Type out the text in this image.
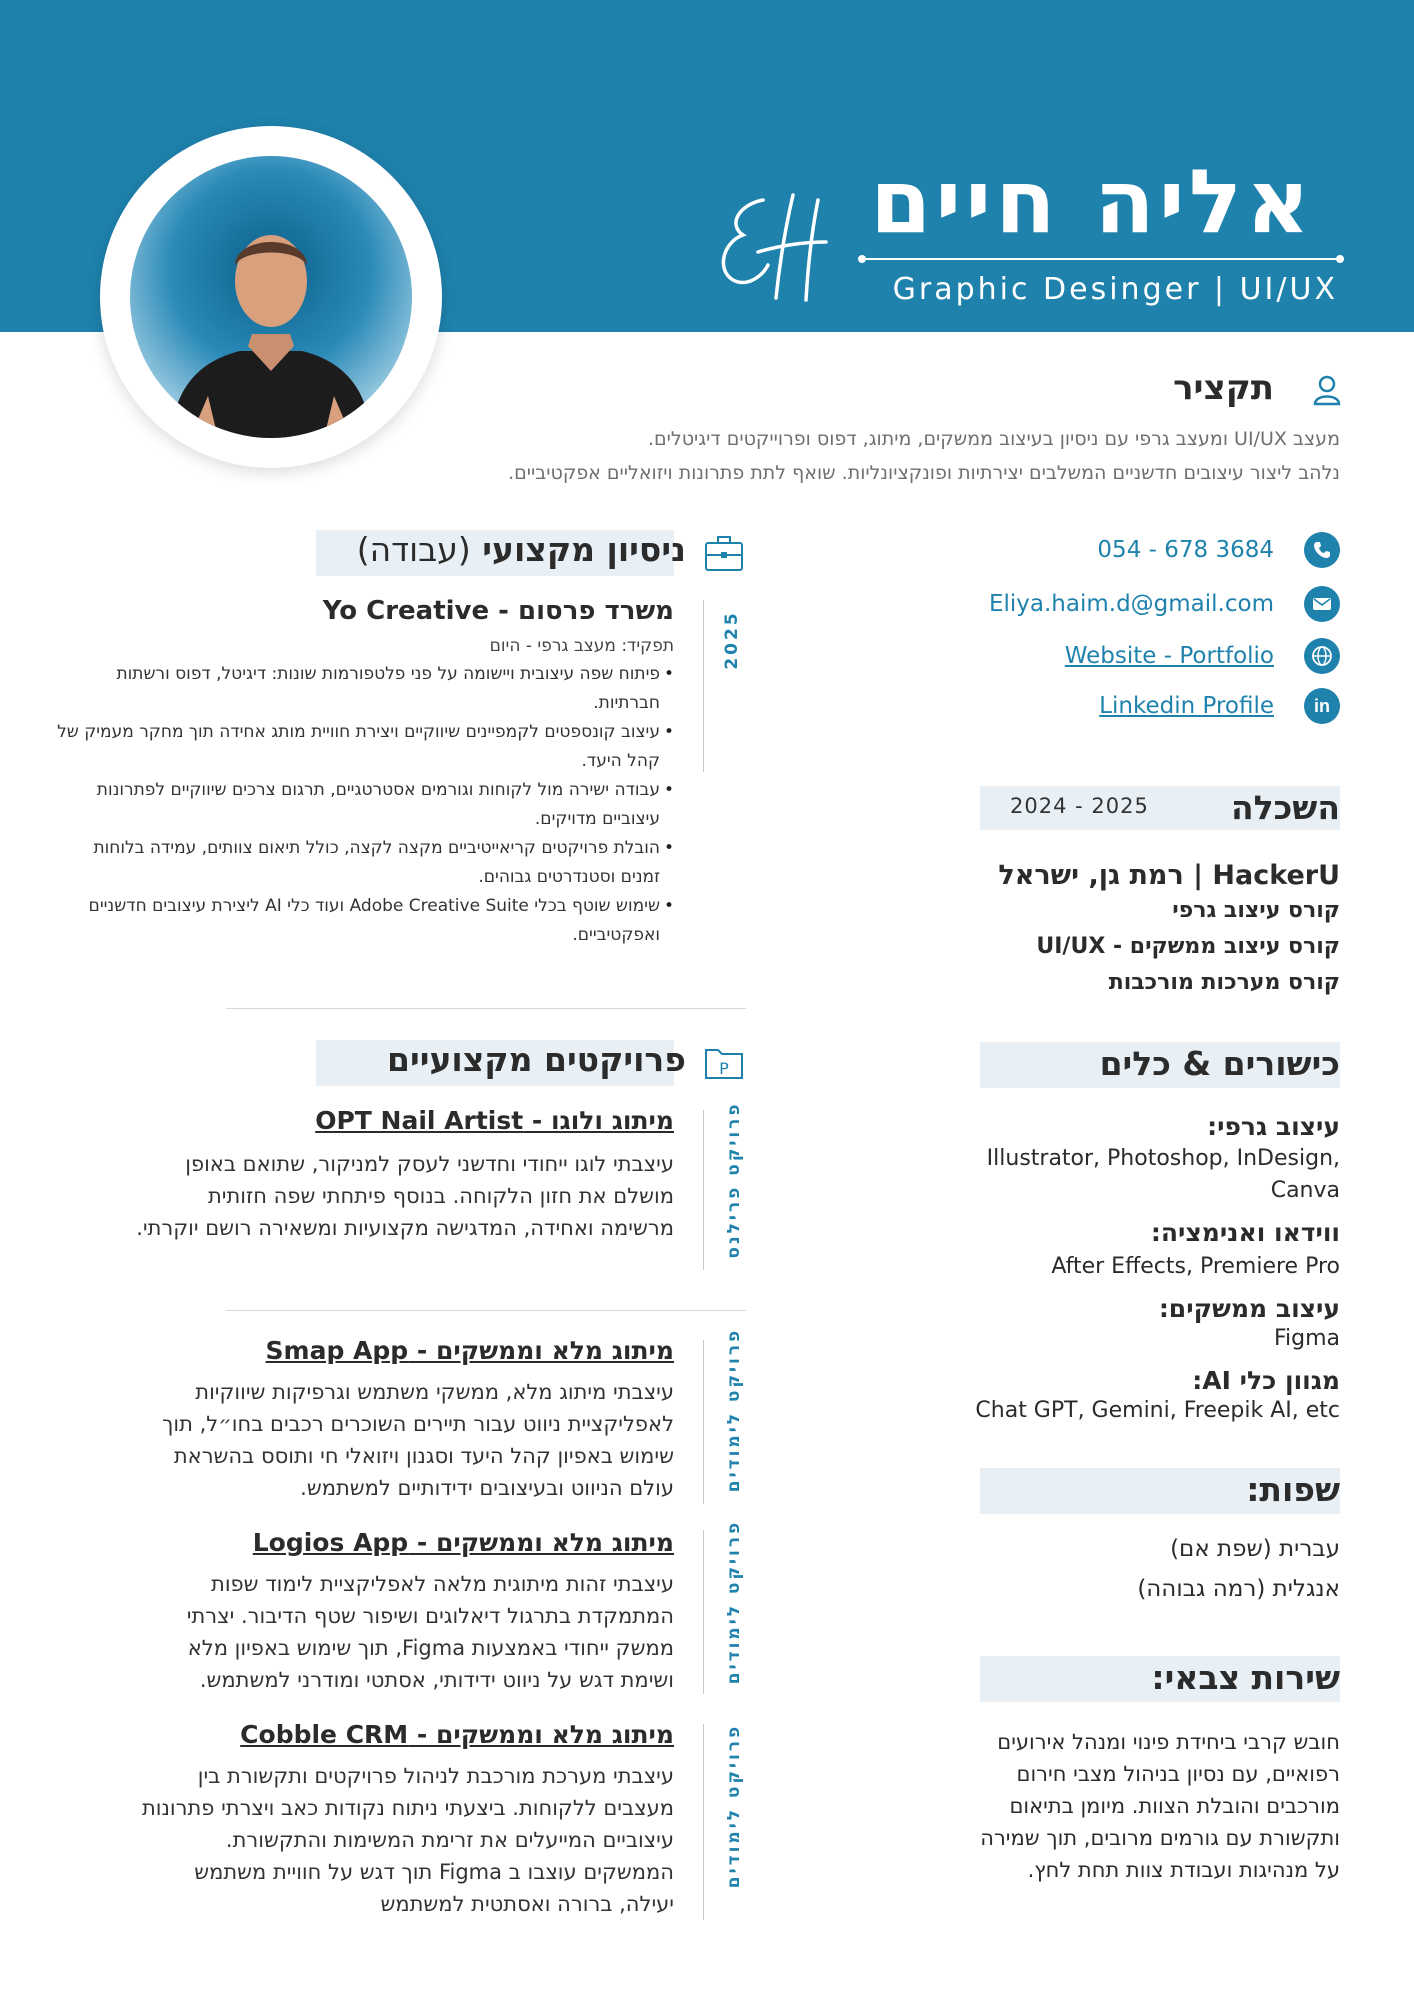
אליה חיים
Graphic Desinger | UI/UX
תקציר
מעצב UI/UX ומעצב גרפי עם ניסיון בעיצוב ממשקים, מיתוג, דפוס ופרוייקטים דיגיטלים.
נלהב ליצור עיצובים חדשניים המשלבים יצירתיות ופונקציונליות. שואף לתת פתרונות ויזואליים אפקטיביים.
054 - 678 3684
Eliya.haim.d@gmail.com
Website - Portfolio
in
Linkedin Profile
השכלה
2024 - 2025
HackerU | רמת גן, ישראל
קורס עיצוב גרפי
קורס עיצוב ממשקים - UI/UX
קורס מערכות מורכבות
כישורים & כלים
עיצוב גרפי:
Illustrator, Photoshop, InDesign,
Canva
ווידאו ואנימציה:
After Effects, Premiere Pro
עיצוב ממשקים:
Figma
מגוון כלי AI:
Chat GPT, Gemini, Freepik AI, etc
שפות:
עברית (שפת אם)
אנגלית (רמה גבוהה)
שירות צבאי:
חובש קרבי ביחידת פינוי ומנהל אירועים רפואיים, עם נסיון בניהול מצבי חירום מורכבים והובלת הצוות. מיומן בתיאום ותקשורת עם גורמים מרובים, תוך שמירה על מנהיגות ועבודת צוות תחת לחץ.
ניסיון מקצועי (עבודה)
2025
משרד פרסום - Yo Creative
תפקיד: מעצב גרפי - היום
• פיתוח שפה עיצובית ויישומה על פני פלטפורמות שונות: דיגיטל, דפוס ורשתות חברתיות.
• עיצוב קונספטים לקמפיינים שיווקיים ויצירת חוויית מותג אחידה תוך מחקר מעמיק של קהל היעד.
• עבודה ישירה מול לקוחות וגורמים אסטרטגיים, תרגום צרכים שיווקיים לפתרונות עיצוביים מדויקים.
• הובלת פרויקטים קריאייטיביים מקצה לקצה, כולל תיאום צוותים, עמידה בלוחות זמנים וסטנדרטים גבוהים.
• שימוש שוטף בכלי Adobe Creative Suite ועוד כלי AI ליצירת עיצובים חדשניים ואפקטיביים.
P
פרויקטים מקצועיים
פרויקט פרילנס
מיתוג ולוגו - OPT Nail Artist
עיצבתי לוגו ייחודי וחדשני לעסק למניקור, שתואם באופן מושלם את חזון הלקוחה. בנוסף פיתחתי שפה חזותית מרשימה ואחידה, המדגישה מקצועיות ומשאירה רושם יוקרתי.
פרויקט לימודים
מיתוג מלא וממשקים - Smap App
עיצבתי מיתוג מלא, ממשקי משתמש וגרפיקות שיווקיות לאפליקציית ניווט עבור תיירים השוכרים רכבים בחו״ל, תוך שימוש באפיון קהל היעד וסגנון ויזואלי חי ותוסס בהשראת עולם הניווט ובעיצובים ידידותיים למשתמש.
פרויקט לימודים
מיתוג מלא וממשקים - Logios App
עיצבתי זהות מיתוגית מלאה לאפליקציית לימוד שפות המתמקדת בתרגול דיאלוגים ושיפור שטף הדיבור. יצרתי ממשק ייחודי באמצעות Figma, תוך שימוש באפיון מלא ושימת דגש על ניווט ידידותי, אסתטי ומודרני למשתמש.
פרויקט לימודים
מיתוג מלא וממשקים - Cobble CRM
עיצבתי מערכת מורכבת לניהול פרויקטים ותקשורת בין מעצבים ללקוחות. ביצעתי ניתוח נקודות כאב ויצרתי פתרונות עיצוביים המייעלים את זרימת המשימות והתקשורת. הממשקים עוצבו ב Figma תוך דגש על חוויית משתמש יעילה, ברורה ואסתטית למשתמש
